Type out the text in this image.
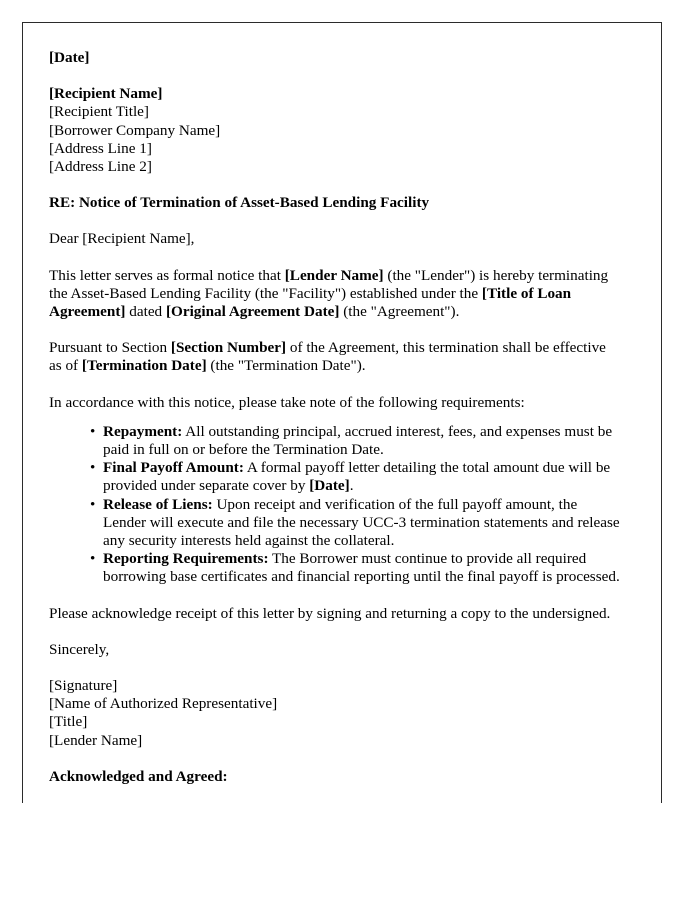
[Date]
[Recipient Name]
[Recipient Title]
[Borrower Company Name]
[Address Line 1]
[Address Line 2]
RE: Notice of Termination of Asset-Based Lending Facility

Dear [Recipient Name],

This letter serves as formal notice that [Lender Name] (the "Lender") is hereby terminating the Asset-Based Lending Facility (the "Facility") established under the [Title of Loan Agreement] dated [Original Agreement Date] (the "Agreement").

Pursuant to Section [Section Number] of the Agreement, this termination shall be effective as of [Termination Date] (the "Termination Date").

In accordance with this notice, please take note of the following requirements:

• Repayment: All outstanding principal, accrued interest, fees, and expenses must be paid in full on or before the Termination Date.
• Final Payoff Amount: A formal payoff letter detailing the total amount due will be provided under separate cover by [Date].
• Release of Liens: Upon receipt and verification of the full payoff amount, the Lender will execute and file the necessary UCC-3 termination statements and release any security interests held against the collateral.
• Reporting Requirements: The Borrower must continue to provide all required borrowing base certificates and financial reporting until the final payoff is processed.

Please acknowledge receipt of this letter by signing and returning a copy to the undersigned.

Sincerely,

[Signature]
[Name of Authorized Representative]
[Title]
[Lender Name]
Acknowledged and Agreed:
